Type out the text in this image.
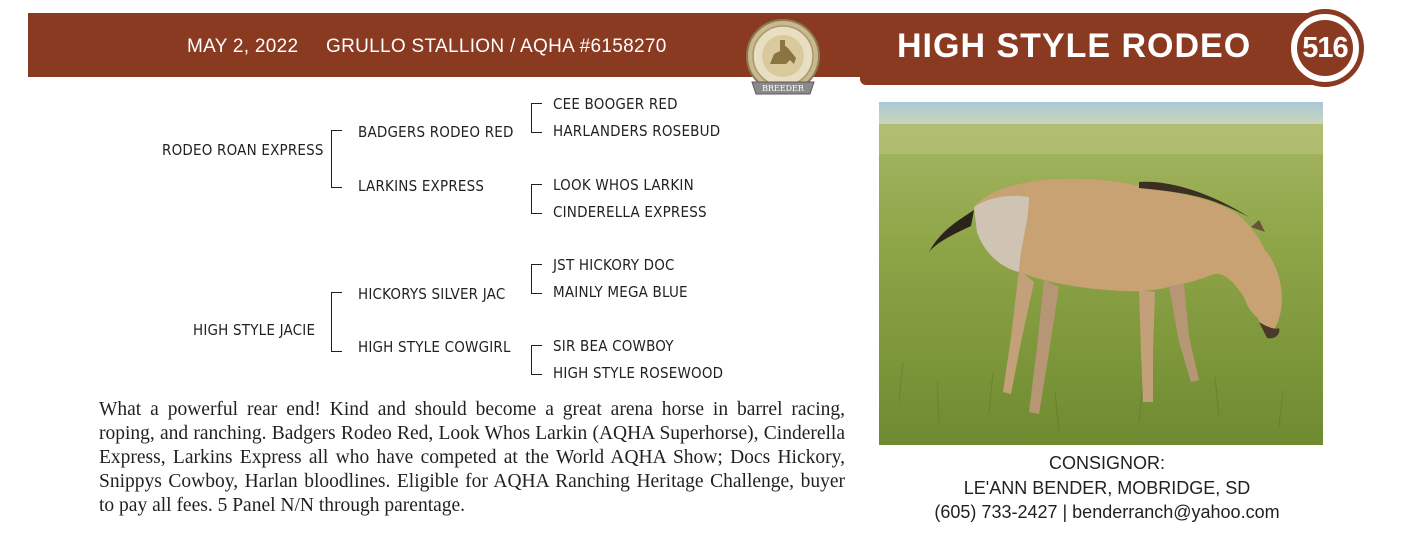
MAY 2, 2022 GRULLO STALLION / AQHA #6158270	HIGH STYLE RODEO 516
BREEDER
RODEO ROAN EXPRESS
BADGERS RODEO RED
LARKINS EXPRESS
CEE BOOGER RED
HARLANDERS ROSEBUD
LOOK WHOS LARKIN
CINDERELLA EXPRESS
HIGH STYLE JACIE
HICKORYS SILVER JAC
HIGH STYLE COWGIRL
JST HICKORY DOC
MAINLY MEGA BLUE
SIR BEA COWBOY
HIGH STYLE ROSEWOOD
What a powerful rear end! Kind and should become a great arena horse in barrel racing, roping, and ranching. Badgers Rodeo Red, Look Whos Larkin (AQHA Superhorse), Cinderella Express, Larkins Express all who have competed at the World AQHA Show; Docs Hickory, Snippys Cowboy, Harlan bloodlines. Eligible for AQHA Ranching Heritage Challenge, buyer to pay all fees. 5 Panel N/N through parentage.
CONSIGNOR:
LE'ANN BENDER, MOBRIDGE, SD
(605) 733-2427 | benderranch@yahoo.com
